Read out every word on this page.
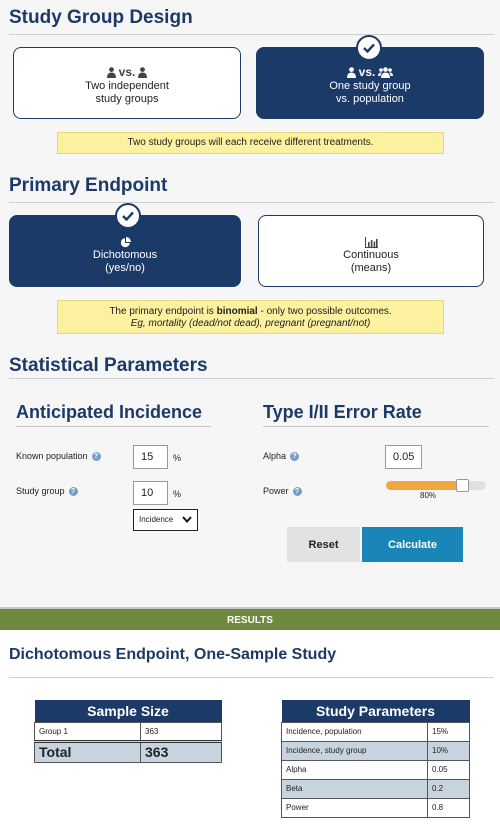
Study Group Design
vs.
Two independent
study groups
vs.
One study group
vs. population
Two study groups will each receive different treatments.
Primary Endpoint
Dichotomous
(yes/no)
Continuous
(means)
The primary endpoint is binomial - only two possible outcomes.
Eg, mortality (dead/not dead), pregnant (pregnant/not)
Statistical Parameters
Anticipated Incidence	Type I/II Error Rate
Known population ?	15	%
Study group ?	10	%
Incidence
Alpha ?	0.05
Power ?	80%
Reset	Calculate
RESULTS
Dichotomous Endpoint, One-Sample Study
Sample Size	
Group 1	363
Total	363
Study Parameters	
Incidence, population	15%
Incidence, study group	10%
Alpha	0.05
Beta	0.2
Power	0.8
